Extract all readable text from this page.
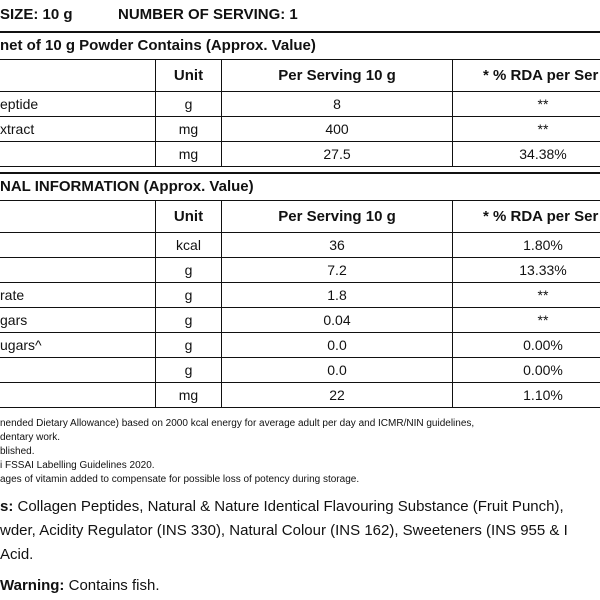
SIZE: 10 g	NUMBER OF SERVING: 1
net of 10 g Powder Contains (Approx. Value)
	Unit	Per Serving 10 g	* % RDA per Ser
eptide	g	8	**
xtract	mg	400	**
	mg	27.5	34.38%
NAL INFORMATION (Approx. Value)
	Unit	Per Serving 10 g	* % RDA per Ser
	kcal	36	1.80%
	g	7.2	13.33%
rate	g	1.8	**
gars	g	0.04	**
ugars^	g	0.0	0.00%
	g	0.0	0.00%
	mg	22	1.10%
nended Dietary Allowance) based on 2000 kcal energy for average adult per day and ICMR/NIN guidelines,
dentary work.
blished.
i FSSAI Labelling Guidelines 2020.
ages of vitamin added to compensate for possible loss of potency during storage.
s: Collagen Peptides, Natural & Nature Identical Flavouring Substance (Fruit Punch),
wder, Acidity Regulator (INS 330), Natural Colour (INS 162), Sweeteners (INS 955 & I
Acid.
Warning: Contains fish.
